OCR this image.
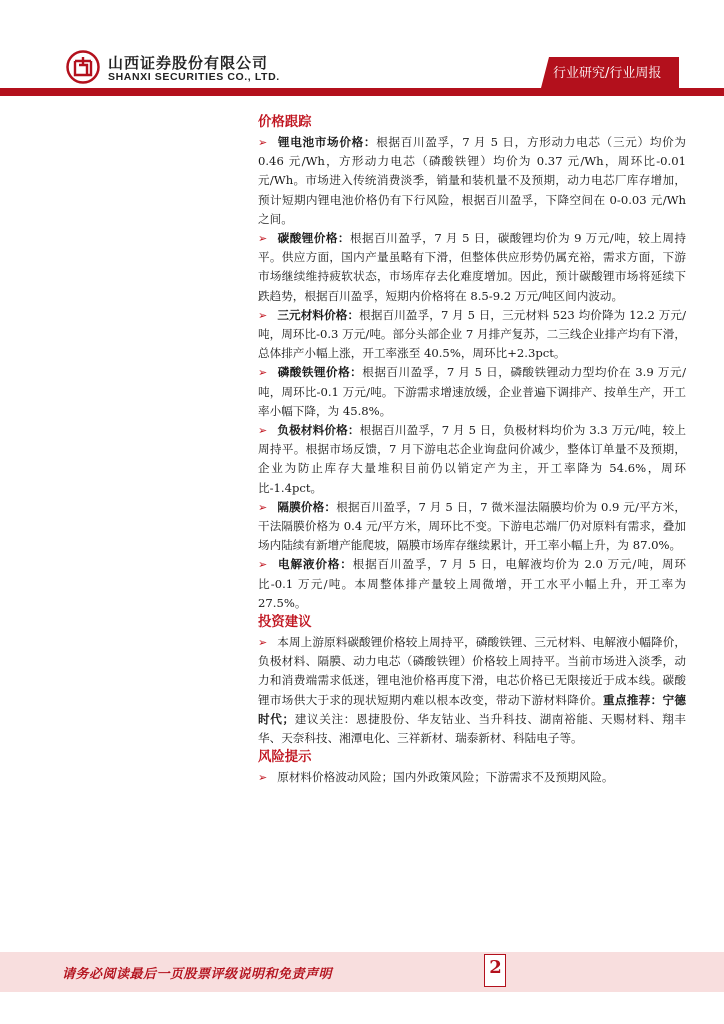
山西证券股份有限公司
SHANXI SECURITIES CO., LTD.	行业研究/行业周报
价格跟踪

➢ 锂电池市场价格：根据百川盈孚，7 月 5 日，方形动力电芯（三元）均价为 0.46 元/Wh，方形动力电芯（磷酸铁锂）均价为 0.37 元/Wh，周环比-0.01 元/Wh。市场进入传统消费淡季，销量和装机量不及预期，动力电芯厂库存增加，预计短期内锂电池价格仍有下行风险，根据百川盈孚，下降空间在 0-0.03 元/Wh 之间。

➢ 碳酸锂价格：根据百川盈孚，7 月 5 日，碳酸锂均价为 9 万元/吨，较上周持平。供应方面，国内产量虽略有下滑，但整体供应形势仍属充裕，需求方面，下游市场继续维持疲软状态，市场库存去化难度增加。因此，预计碳酸锂市场将延续下跌趋势，根据百川盈孚，短期内价格将在 8.5-9.2 万元/吨区间内波动。

➢ 三元材料价格：根据百川盈孚，7 月 5 日，三元材料 523 均价降为 12.2 万元/吨，周环比-0.3 万元/吨。部分头部企业 7 月排产复苏，二三线企业排产均有下滑，总体排产小幅上涨，开工率涨至 40.5%，周环比+2.3pct。

➢ 磷酸铁锂价格：根据百川盈孚，7 月 5 日，磷酸铁锂动力型均价在 3.9 万元/吨，周环比-0.1 万元/吨。下游需求增速放缓，企业普遍下调排产、按单生产，开工率小幅下降，为 45.8%。

➢ 负极材料价格：根据百川盈孚，7 月 5 日，负极材料均价为 3.3 万元/吨，较上周持平。根据市场反馈，7 月下游电芯企业询盘问价减少，整体订单量不及预期，企业为防止库存大量堆积目前仍以销定产为主，开工率降为 54.6%，周环比-1.4pct。

➢ 隔膜价格：根据百川盈孚，7 月 5 日，7 微米湿法隔膜均价为 0.9 元/平方米，干法隔膜价格为 0.4 元/平方米，周环比不变。下游电芯端厂仍对原料有需求，叠加场内陆续有新增产能爬坡，隔膜市场库存继续累计，开工率小幅上升，为 87.0%。

➢ 电解液价格：根据百川盈孚，7 月 5 日，电解液均价为 2.0 万元/吨，周环比-0.1 万元/吨。本周整体排产量较上周微增，开工水平小幅上升，开工率为 27.5%。

投资建议

➢ 本周上游原料碳酸锂价格较上周持平，磷酸铁锂、三元材料、电解液小幅降价，负极材料、隔膜、动力电芯（磷酸铁锂）价格较上周持平。当前市场进入淡季，动力和消费端需求低迷，锂电池价格再度下滑，电芯价格已无限接近于成本线。碳酸锂市场供大于求的现状短期内难以根本改变，带动下游材料降价。重点推荐：宁德时代；建议关注：恩捷股份、华友钴业、当升科技、湖南裕能、天赐材料、翔丰华、天奈科技、湘潭电化、三祥新材、瑞泰新材、科陆电子等。

风险提示

➢ 原材料价格波动风险；国内外政策风险；下游需求不及预期风险。

请务必阅读最后一页股票评级说明和免责声明	2
